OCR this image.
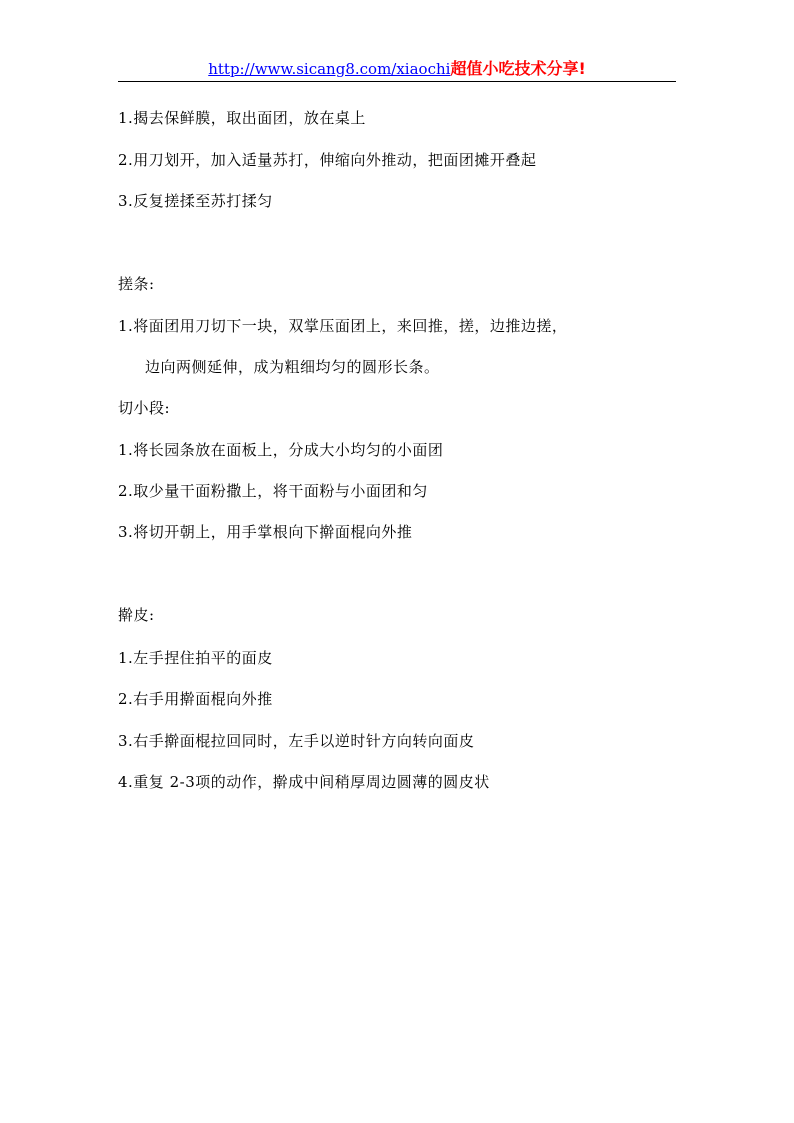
http://www.sicang8.com/xiaochi超值小吃技术分享!
1.揭去保鲜膜，取出面团，放在桌上
2.用刀划开，加入适量苏打，伸缩向外推动，把面团摊开叠起
3.反复搓揉至苏打揉匀
搓条:
1.将面团用刀切下一块，双掌压面团上，来回推，搓，边推边搓，
边向两侧延伸，成为粗细均匀的圆形长条。
切小段:
1.将长园条放在面板上，分成大小均匀的小面团
2.取少量干面粉撒上，将干面粉与小面团和匀
3.将切开朝上，用手掌根向下擀面棍向外推
擀皮:
1.左手捏住拍平的面皮
2.右手用擀面棍向外推
3.右手擀面棍拉回同时，左手以逆时针方向转向面皮
4.重复 2-3项的动作，擀成中间稍厚周边圆薄的圆皮状
